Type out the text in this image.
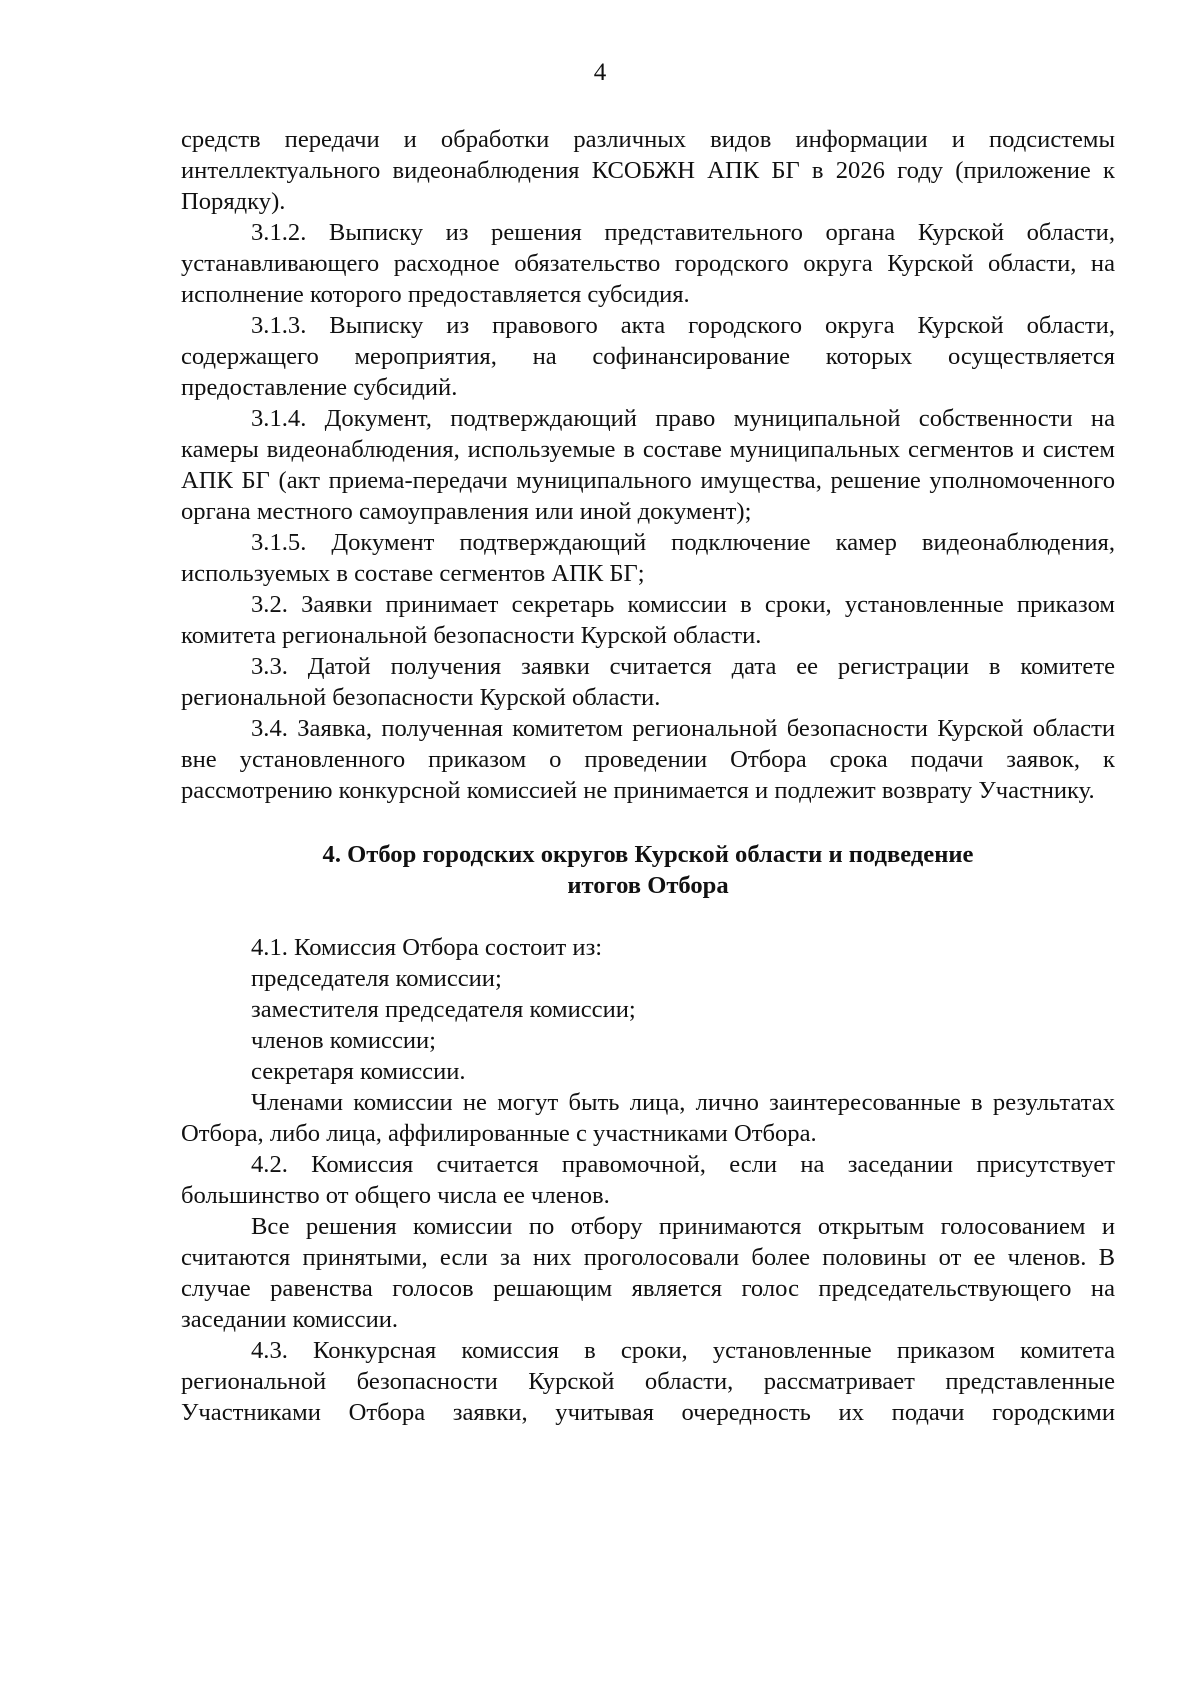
4

средств передачи и обработки различных видов информации и подсистемы интеллектуального видеонаблюдения КСОБЖН АПК БГ в 2026 году (приложение к Порядку).

3.1.2. Выписку из решения представительного органа Курской области, устанавливающего расходное обязательство городского округа Курской области, на исполнение которого предоставляется субсидия.

3.1.3. Выписку из правового акта городского округа Курской области, содержащего мероприятия, на софинансирование которых осуществляется предоставление субсидий.

3.1.4. Документ, подтверждающий право муниципальной собственности на камеры видеонаблюдения, используемые в составе муниципальных сегментов и систем АПК БГ (акт приема-передачи муниципального имущества, решение уполномоченного органа местного самоуправления или иной документ);

3.1.5. Документ подтверждающий подключение камер видеонаблюдения, используемых в составе сегментов АПК БГ;

3.2. Заявки принимает секретарь комиссии в сроки, установленные приказом комитета региональной безопасности Курской области.

3.3. Датой получения заявки считается дата ее регистрации в комитете региональной безопасности Курской области.

3.4. Заявка, полученная комитетом региональной безопасности Курской области вне установленного приказом о проведении Отбора срока подачи заявок, к рассмотрению конкурсной комиссией не принимается и подлежит возврату Участнику.

4. Отбор городских округов Курской области и подведение
итогов Отбора

4.1. Комиссия Отбора состоит из:

председателя комиссии;

заместителя председателя комиссии;

членов комиссии;

секретаря комиссии.

Членами комиссии не могут быть лица, лично заинтересованные в результатах Отбора, либо лица, аффилированные с участниками Отбора.

4.2. Комиссия считается правомочной, если на заседании присутствует большинство от общего числа ее членов.

Все решения комиссии по отбору принимаются открытым голосованием и считаются принятыми, если за них проголосовали более половины от ее членов. В случае равенства голосов решающим является голос председательствующего на заседании комиссии.

4.3. Конкурсная комиссия в сроки, установленные приказом комитета региональной безопасности Курской области, рассматривает представленные Участниками Отбора заявки, учитывая очередность их подачи городскими
